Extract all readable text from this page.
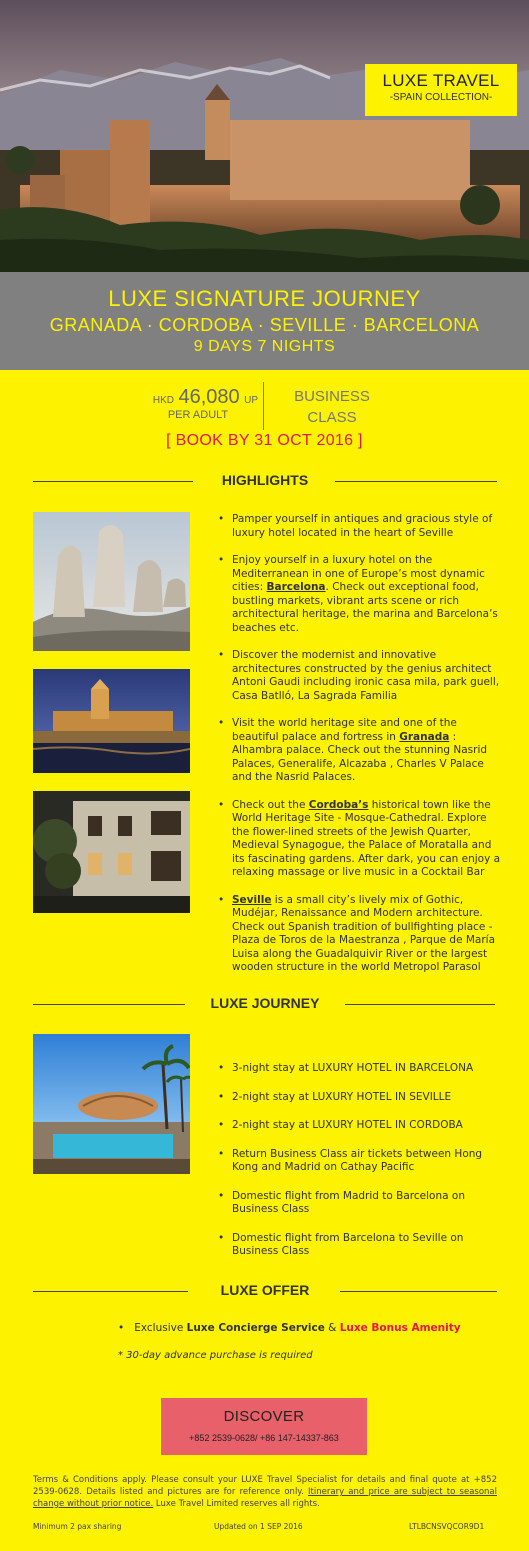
LUXE TRAVEL
-SPAIN COLLECTION-
LUXE SIGNATURE JOURNEY
GRANADA · CORDOBA · SEVILLE · BARCELONA
9 DAYS 7 NIGHTS
HKD 46,080 UP
PER ADULT
BUSINESS
CLASS
[ BOOK BY 31 OCT 2016 ]
HIGHLIGHTS
• Pamper yourself in antiques and gracious style of luxury hotel located in the heart of Seville
• Enjoy yourself in a luxury hotel on the Mediterranean in one of Europe’s most dynamic cities: Barcelona. Check out exceptional food, bustling markets, vibrant arts scene or rich architectural heritage, the marina and Barcelona’s beaches etc.
• Discover the modernist and innovative architectures constructed by the genius architect Antoni Gaudi including ironic casa mila, park guell, Casa Batlló, La Sagrada Familia
• Visit the world heritage site and one of the beautiful palace and fortress in Granada : Alhambra palace. Check out the stunning Nasrid Palaces, Generalife, Alcazaba , Charles V Palace and the Nasrid Palaces.
• Check out the Cordoba’s historical town like the World Heritage Site - Mosque-Cathedral. Explore the flower-lined streets of the Jewish Quarter, Medieval Synagogue, the Palace of Moratalla and its fascinating gardens. After dark, you can enjoy a relaxing massage or live music in a Cocktail Bar
• Seville is a small city’s lively mix of Gothic, Mudéjar, Renaissance and Modern architecture. Check out Spanish tradition of bullfighting place - Plaza de Toros de la Maestranza , Parque de María Luisa along the Guadalquivir River or the largest wooden structure in the world Metropol Parasol
LUXE JOURNEY
• 3-night stay at LUXURY HOTEL IN BARCELONA
• 2-night stay at LUXURY HOTEL IN SEVILLE
• 2-night stay at LUXURY HOTEL IN CORDOBA
• Return Business Class air tickets between Hong Kong and Madrid on Cathay Pacific
• Domestic flight from Madrid to Barcelona on Business Class
• Domestic flight from Barcelona to Seville on Business Class
LUXE OFFER
• Exclusive Luxe Concierge Service & Luxe Bonus Amenity
* 30-day advance purchase is required
DISCOVER
+852 2539-0628/ +86 147-14337-863
Terms & Conditions apply. Please consult your LUXE Travel Specialist for details and final quote at +852 2539-0628. Details listed and pictures are for reference only. Itinerary and price are subject to seasonal change without prior notice. Luxe Travel Limited reserves all rights.
Minimum 2 pax sharing	Updated on 1 SEP 2016	LTLBCNSVQCOR9D1
